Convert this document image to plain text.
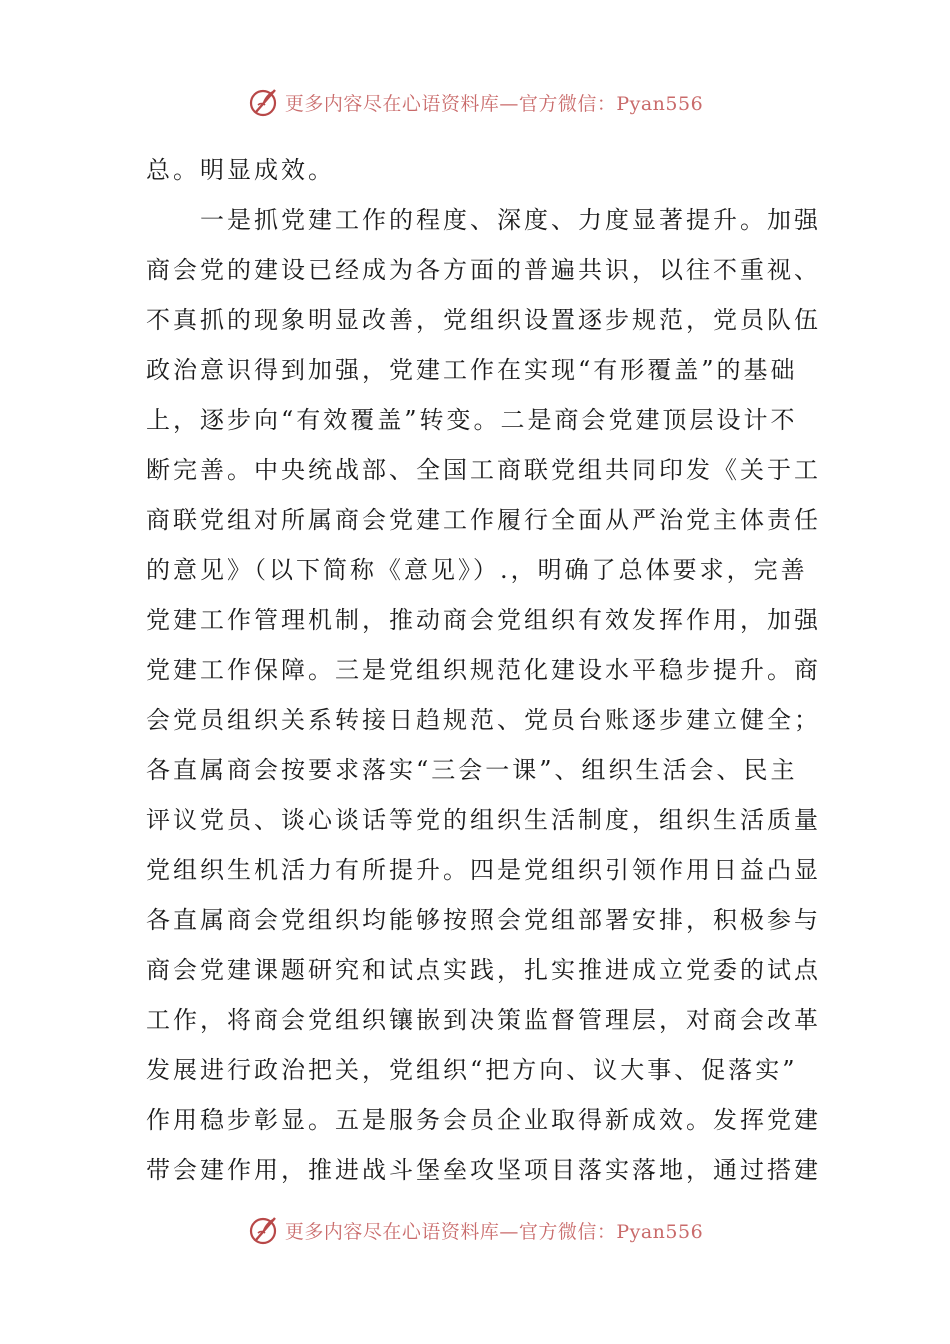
更多内容尽在心语资料库—官方微信：Pyan556
总。明显成效。
一是抓党建工作的程度、深度、力度显著提升。加强
商会党的建设已经成为各方面的普遍共识，以往不重视、
不真抓的现象明显改善，党组织设置逐步规范，党员队伍
政治意识得到加强，党建工作在实现“有形覆盖”的基础
上，逐步向“有效覆盖”转变。二是商会党建顶层设计不
断完善。中央统战部、全国工商联党组共同印发《关于工
商联党组对所属商会党建工作履行全面从严治党主体责任
的意见》（以下简称《意见》）.，明确了总体要求，完善
党建工作管理机制，推动商会党组织有效发挥作用，加强
党建工作保障。三是党组织规范化建设水平稳步提升。商
会党员组织关系转接日趋规范、党员台账逐步建立健全；
各直属商会按要求落实“三会一课”、组织生活会、民主
评议党员、谈心谈话等党的组织生活制度，组织生活质量
党组织生机活力有所提升。四是党组织引领作用日益凸显
各直属商会党组织均能够按照会党组部署安排，积极参与
商会党建课题研究和试点实践，扎实推进成立党委的试点
工作，将商会党组织镶嵌到决策监督管理层，对商会改革
发展进行政治把关，党组织“把方向、议大事、促落实”
作用稳步彰显。五是服务会员企业取得新成效。发挥党建
带会建作用，推进战斗堡垒攻坚项目落实落地，通过搭建
更多内容尽在心语资料库—官方微信：Pyan556
